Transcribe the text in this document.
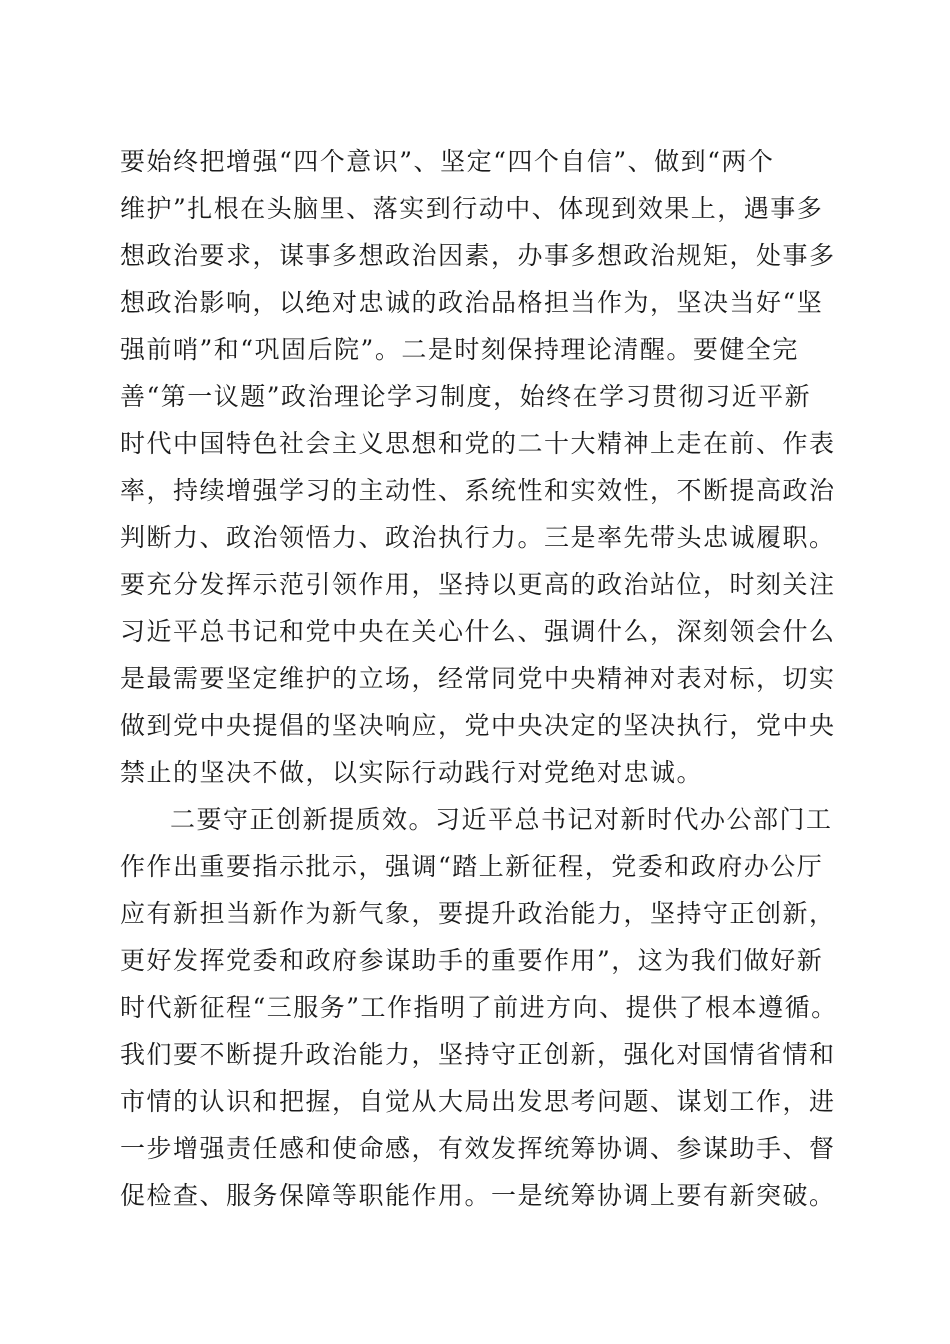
要始终把增强“四个意识”、坚定“四个自信”、做到“两个
维护”扎根在头脑里、落实到行动中、体现到效果上，遇事多
想政治要求，谋事多想政治因素，办事多想政治规矩，处事多
想政治影响，以绝对忠诚的政治品格担当作为，坚决当好“坚
强前哨”和“巩固后院”。二是时刻保持理论清醒。要健全完
善“第一议题”政治理论学习制度，始终在学习贯彻习近平新
时代中国特色社会主义思想和党的二十大精神上走在前、作表
率，持续增强学习的主动性、系统性和实效性，不断提高政治
判断力、政治领悟力、政治执行力。三是率先带头忠诚履职。
要充分发挥示范引领作用，坚持以更高的政治站位，时刻关注
习近平总书记和党中央在关心什么、强调什么，深刻领会什么
是最需要坚定维护的立场，经常同党中央精神对表对标，切实
做到党中央提倡的坚决响应，党中央决定的坚决执行，党中央
禁止的坚决不做，以实际行动践行对党绝对忠诚。
二要守正创新提质效。习近平总书记对新时代办公部门工
作作出重要指示批示，强调“踏上新征程，党委和政府办公厅
应有新担当新作为新气象，要提升政治能力，坚持守正创新，
更好发挥党委和政府参谋助手的重要作用”，这为我们做好新
时代新征程“三服务”工作指明了前进方向、提供了根本遵循。
我们要不断提升政治能力，坚持守正创新，强化对国情省情和
市情的认识和把握，自觉从大局出发思考问题、谋划工作，进
一步增强责任感和使命感，有效发挥统筹协调、参谋助手、督
促检查、服务保障等职能作用。一是统筹协调上要有新突破。
